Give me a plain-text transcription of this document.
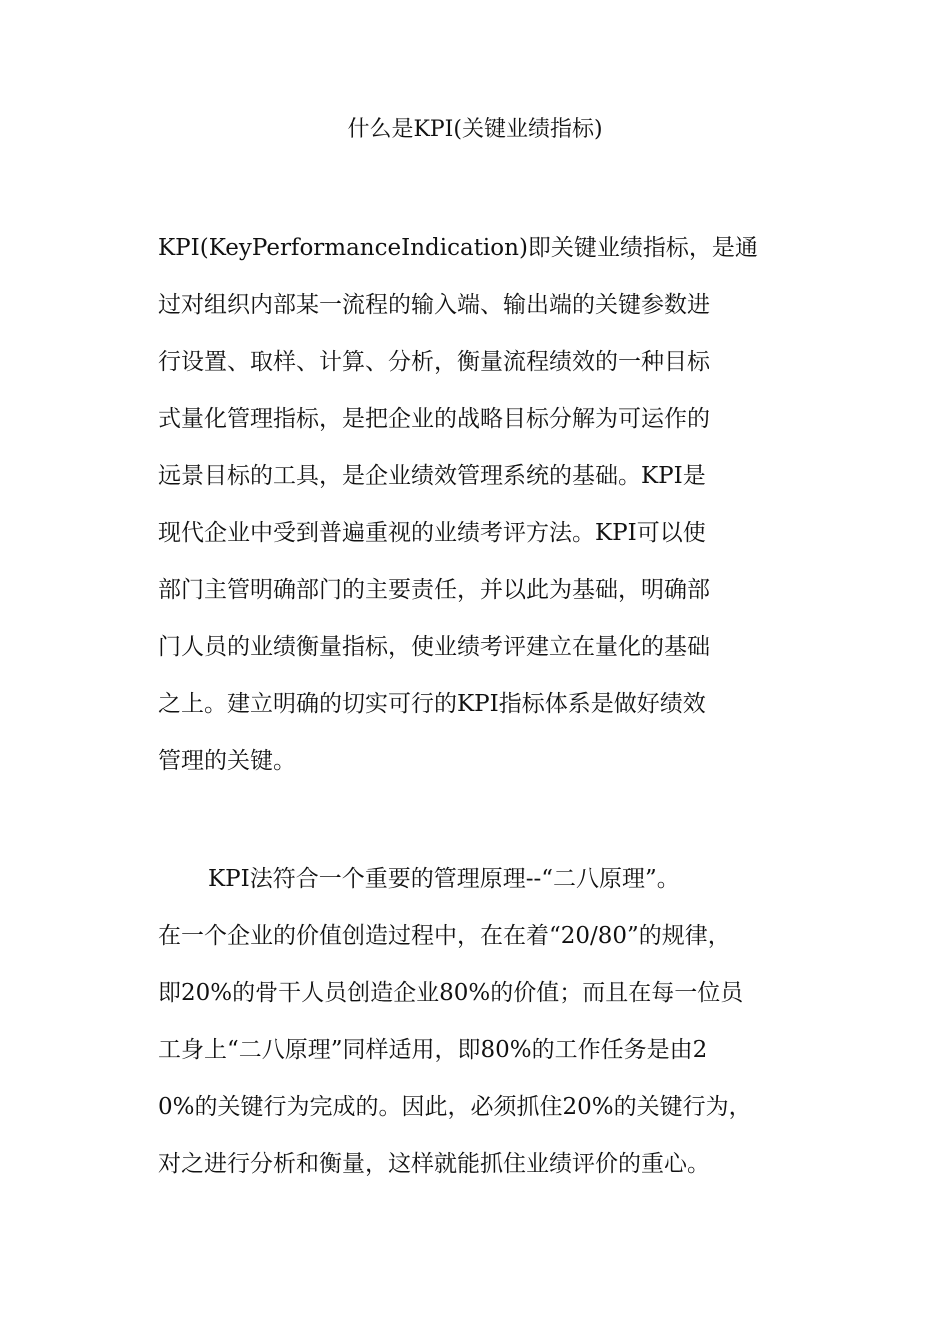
什么是KPI(关键业绩指标)
KPI(KeyPerformanceIndication)即关键业绩指标，是通
过对组织内部某一流程的输入端、输出端的关键参数进
行设置、取样、计算、分析，衡量流程绩效的一种目标
式量化管理指标，是把企业的战略目标分解为可运作的
远景目标的工具，是企业绩效管理系统的基础。KPI是
现代企业中受到普遍重视的业绩考评方法。KPI可以使
部门主管明确部门的主要责任，并以此为基础，明确部
门人员的业绩衡量指标，使业绩考评建立在量化的基础
之上。建立明确的切实可行的KPI指标体系是做好绩效
管理的关键。
KPI法符合一个重要的管理原理--“二八原理”。
在一个企业的价值创造过程中，在在着“20/80”的规律，
即20%的骨干人员创造企业80%的价值；而且在每一位员
工身上“二八原理”同样适用，即80%的工作任务是由2
0%的关键行为完成的。因此，必须抓住20%的关键行为，
对之进行分析和衡量，这样就能抓住业绩评价的重心。
